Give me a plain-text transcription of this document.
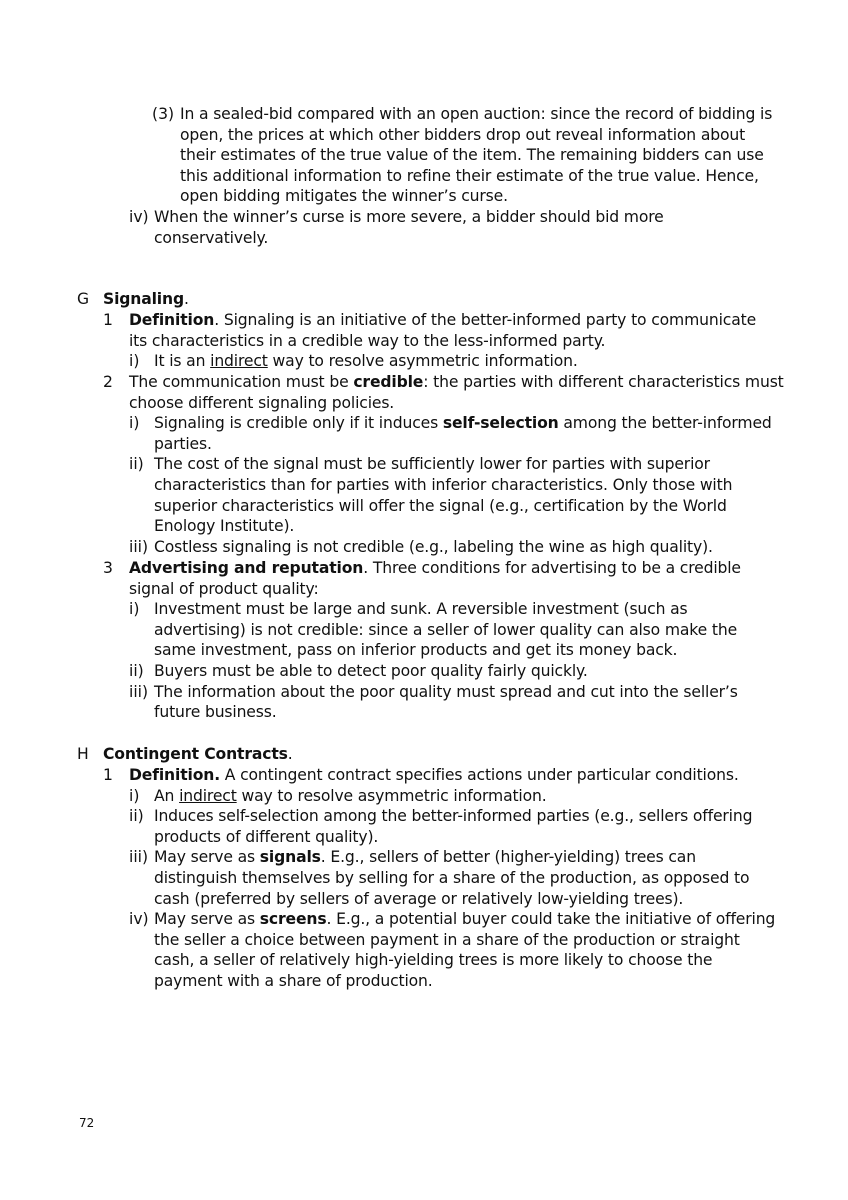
(3) In a sealed-bid compared with an open auction: since the record of bidding is
open, the prices at which other bidders drop out reveal information about
their estimates of the true value of the item. The remaining bidders can use
this additional information to refine their estimate of the true value. Hence,
open bidding mitigates the winner’s curse.
iv) When the winner’s curse is more severe, a bidder should bid more
conservatively.
G Signaling.
1 Definition. Signaling is an initiative of the better-informed party to communicate
its characteristics in a credible way to the less-informed party.
i) It is an indirect way to resolve asymmetric information.
2 The communication must be credible: the parties with different characteristics must
choose different signaling policies.
i) Signaling is credible only if it induces self-selection among the better-informed
parties.
ii) The cost of the signal must be sufficiently lower for parties with superior
characteristics than for parties with inferior characteristics. Only those with
superior characteristics will offer the signal (e.g., certification by the World
Enology Institute).
iii) Costless signaling is not credible (e.g., labeling the wine as high quality).
3 Advertising and reputation. Three conditions for advertising to be a credible
signal of product quality:
i) Investment must be large and sunk. A reversible investment (such as
advertising) is not credible: since a seller of lower quality can also make the
same investment, pass on inferior products and get its money back.
ii) Buyers must be able to detect poor quality fairly quickly.
iii) The information about the poor quality must spread and cut into the seller’s
future business.
H Contingent Contracts.
1 Definition. A contingent contract specifies actions under particular conditions.
i) An indirect way to resolve asymmetric information.
ii) Induces self-selection among the better-informed parties (e.g., sellers offering
products of different quality).
iii) May serve as signals. E.g., sellers of better (higher-yielding) trees can
distinguish themselves by selling for a share of the production, as opposed to
cash (preferred by sellers of average or relatively low-yielding trees).
iv) May serve as screens. E.g., a potential buyer could take the initiative of offering
the seller a choice between payment in a share of the production or straight
cash, a seller of relatively high-yielding trees is more likely to choose the
payment with a share of production.
72
